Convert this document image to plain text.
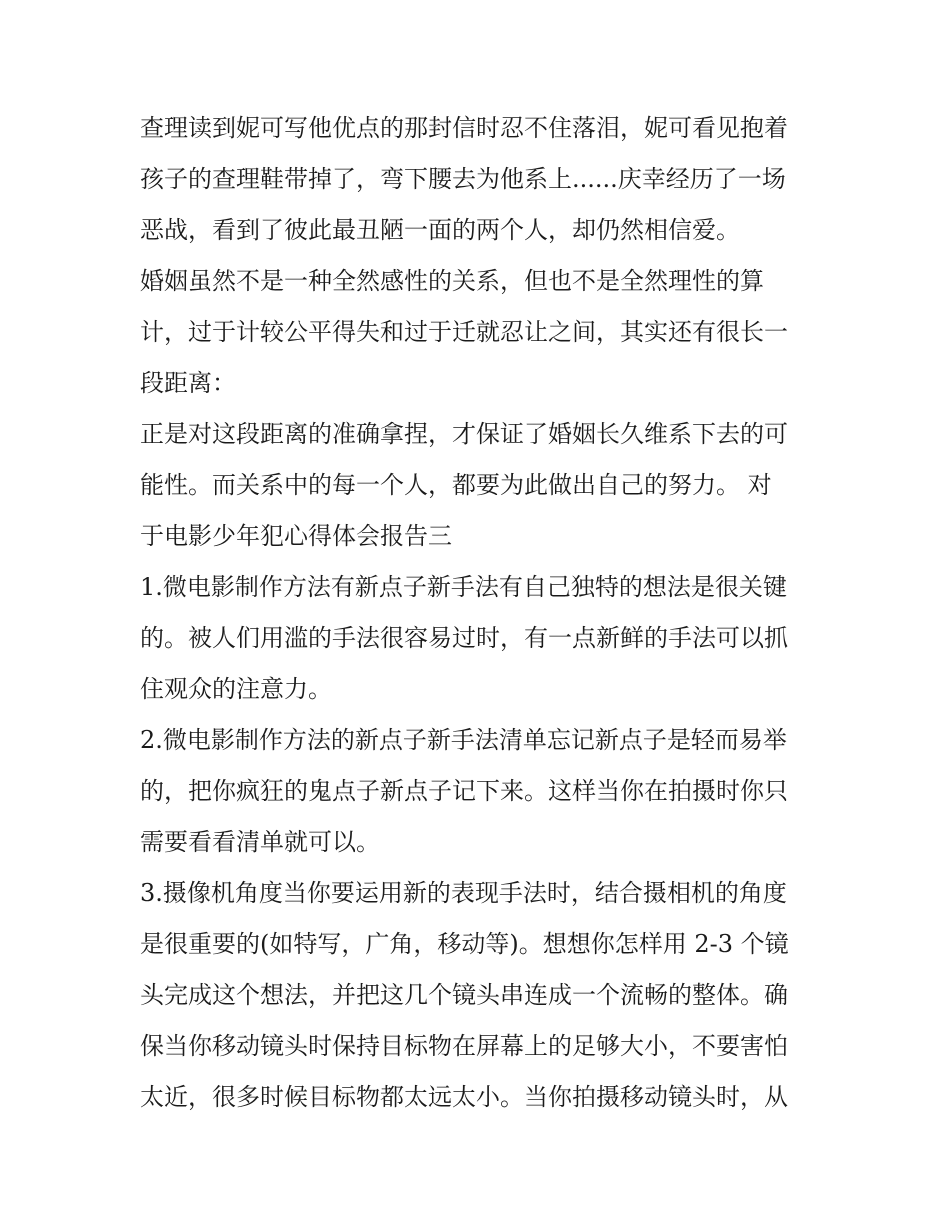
查理读到妮可写他优点的那封信时忍不住落泪，妮可看见抱着
孩子的查理鞋带掉了，弯下腰去为他系上......庆幸经历了一场
恶战，看到了彼此最丑陋一面的两个人，却仍然相信爱。

婚姻虽然不是一种全然感性的关系，但也不是全然理性的算
计，过于计较公平得失和过于迁就忍让之间，其实还有很长一
段距离：

正是对这段距离的准确拿捏，才保证了婚姻长久维系下去的可
能性。而关系中的每一个人，都要为此做出自己的努力。 对
于电影少年犯心得体会报告三

1.微电影制作方法有新点子新手法有自己独特的想法是很关键
的。被人们用滥的手法很容易过时，有一点新鲜的手法可以抓
住观众的注意力。

2.微电影制作方法的新点子新手法清单忘记新点子是轻而易举
的，把你疯狂的鬼点子新点子记下来。这样当你在拍摄时你只
需要看看清单就可以。

3.摄像机角度当你要运用新的表现手法时，结合摄相机的角度
是很重要的(如特写，广角，移动等)。想想你怎样用 2-3 个镜
头完成这个想法，并把这几个镜头串连成一个流畅的整体。确
保当你移动镜头时保持目标物在屏幕上的足够大小，不要害怕
太近，很多时候目标物都太远太小。当你拍摄移动镜头时，从
